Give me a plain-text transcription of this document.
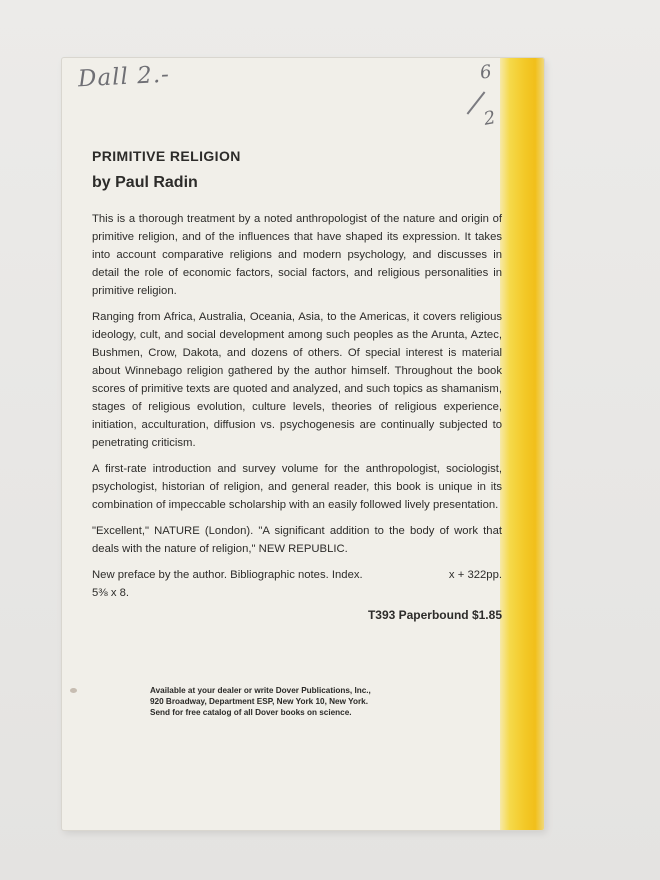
Dall 2.-	6
2
PRIMITIVE RELIGION
by Paul Radin

This is a thorough treatment by a noted anthropologist of the nature and origin of primitive religion, and of the influences that have shaped its expression. It takes into account comparative religions and modern psychology, and discusses in detail the role of economic factors, social factors, and religious personalities in primitive religion.

Ranging from Africa, Australia, Oceania, Asia, to the Americas, it covers religious ideology, cult, and social development among such peoples as the Arunta, Aztec, Bushmen, Crow, Dakota, and dozens of others. Of special interest is material about Winnebago religion gathered by the author himself. Throughout the book scores of primitive texts are quoted and analyzed, and such topics as shamanism, stages of religious evolution, culture levels, theories of religious experience, initiation, acculturation, diffusion vs. psychogenesis are continually subjected to penetrating criticism.

A first-rate introduction and survey volume for the anthropologist, sociologist, psychologist, historian of religion, and general reader, this book is unique in its combination of impeccable scholarship with an easily followed lively presentation.

"Excellent," NATURE (London). "A significant addition to the body of work that deals with the nature of religion," NEW REPUBLIC.

New preface by the author. Bibliographic notes. Index.	x + 322pp.

5⅜ x 8.

T393 Paperbound $1.85
Available at your dealer or write Dover Publications, Inc.,
920 Broadway, Department ESP, New York 10, New York.
Send for free catalog of all Dover books on science.
